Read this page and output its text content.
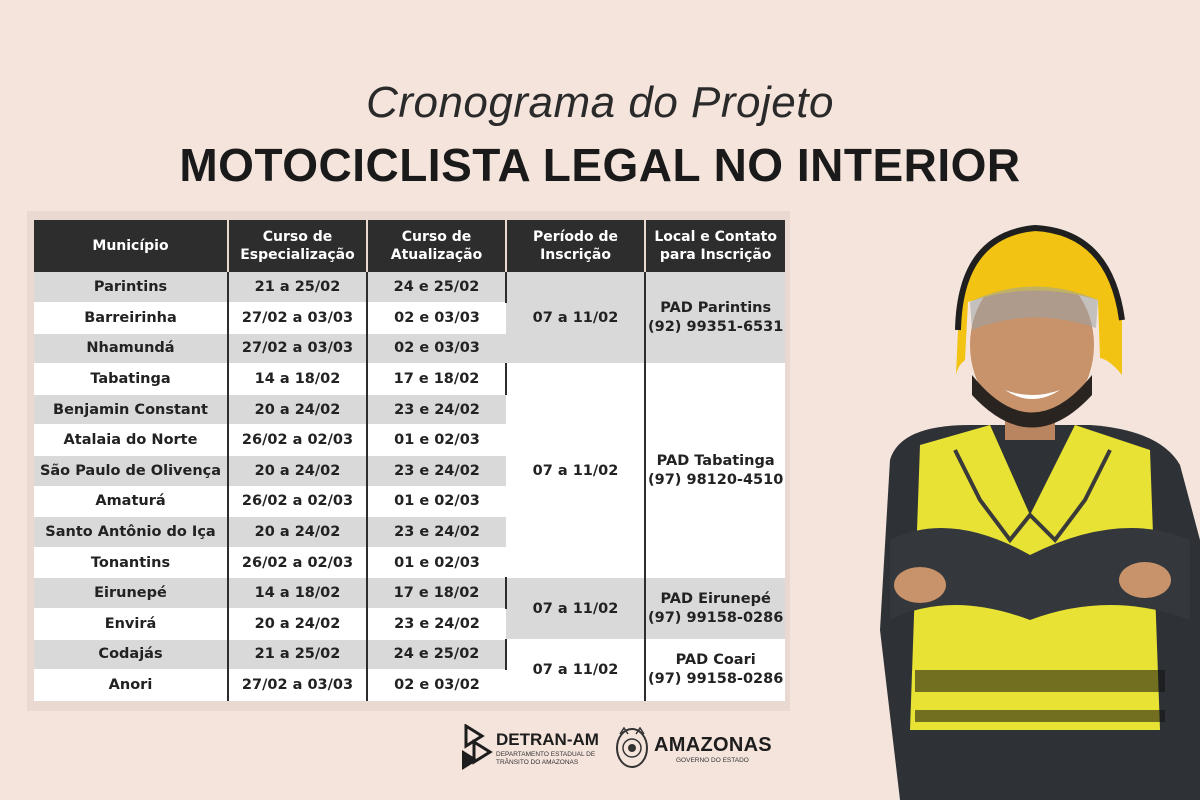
Cronograma do Projeto
MOTOCICLISTA LEGAL NO INTERIOR
Município	Curso de Especialização	Curso de Atualização	Período de Inscrição	Local e Contato para Inscrição
Parintins	21 a 25/02	24 e 25/02	07 a 11/02	PAD Parintins
(92) 99351-6531

Barreirinha	27/02 a 03/03	02 e 03/03		
Nhamundá	27/02 a 03/03	02 e 03/03		
Tabatinga	14 a 18/02	17 e 18/02	07 a 11/02	PAD Tabatinga
(97) 98120-4510

Benjamin Constant	20 a 24/02	23 e 24/02		
Atalaia do Norte	26/02 a 02/03	01 e 02/03		
São Paulo de Olivença	20 a 24/02	23 e 24/02		
Amaturá	26/02 a 02/03	01 e 02/03		
Santo Antônio do Iça	20 a 24/02	23 e 24/02		
Tonantins	26/02 a 02/03	01 e 02/03		
Eirunepé	14 a 18/02	17 e 18/02	07 a 11/02	PAD Eirunepé
(97) 99158-0286

Envirá	20 a 24/02	23 e 24/02		
Codajás	21 a 25/02	24 e 25/02	07 a 11/02	PAD Coari
(97) 99158-0286

Anori	27/02 a 03/03	02 e 03/02		
DETRAN-AM
DEPARTAMENTO ESTADUAL DE TRÂNSITO DO AMAZONAS
AMAZONAS
GOVERNO DO ESTADO
